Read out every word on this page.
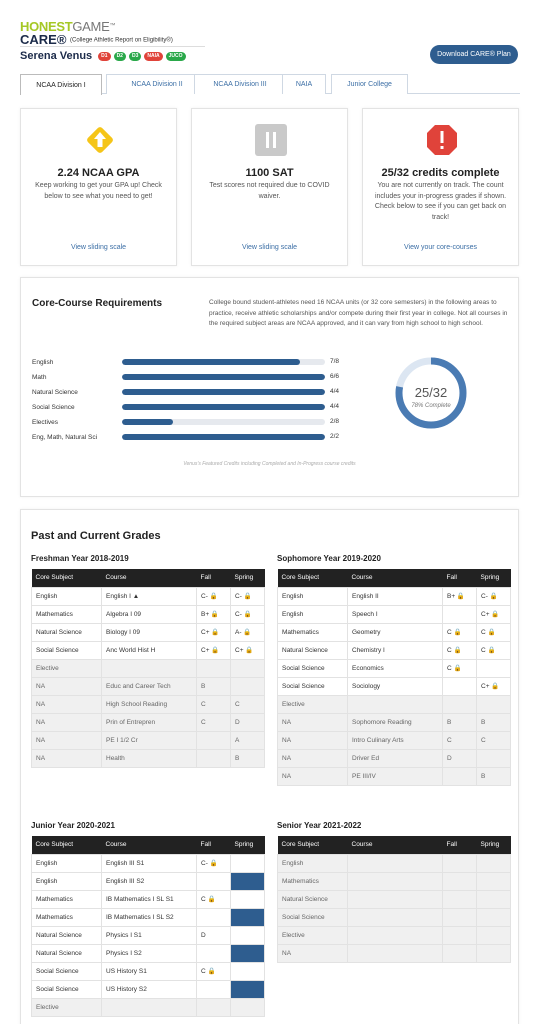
HONESTGAME™
CARE® (College Athletic Report on Eligibility®)
Serena Venus	D1	D2	D3	NAIA	JUCO	Download CARE® Plan
NCAA Division I	NCAA Division II	NCAA Division III	NAIA	Junior College
2.24 NCAA GPA
Keep working to get your GPA up! Check below to see what you need to get!
View sliding scale
1100 SAT
Test scores not required due to COVID waiver.
View sliding scale
25/32 credits complete
You are not currently on track. The count includes your in-progress grades if shown. Check below to see if you can get back on track!
View your core-courses
Core-Course Requirements	College bound student-athletes need 16 NCAA units (or 32 core semesters) in the following areas to practice, receive athletic scholarships and/or compete during their first year in college. Not all courses in the required subject areas are NCAA approved, and it can vary from high school to high school.
English	7/8
Math	6/6
Natural Science	4/4
Social Science	4/4
Electives	2/8
Eng, Math, Natural Sci	2/2
25/32
78% Complete
Venus's Featured Credits including Completed and In-Progress course credits
Past and Current Grades
Freshman Year 2018-2019
Core Subject	Course	Fall	Spring
English	English I ▲	C- 🔒	C- 🔒
Mathematics	Algebra I 09	B+ 🔒	C- 🔒
Natural Science	Biology I 09	C+ 🔒	A- 🔒
Social Science	Anc World Hist H	C+ 🔒	C+ 🔒
Elective			
NA	Educ and Career Tech	B	
NA	High School Reading	C	C
NA	Prin of Entrepren	C	D
NA	PE I 1/2 Cr		A
NA	Health		B
Sophomore Year 2019-2020
Core Subject	Course	Fall	Spring
English	English II	B+ 🔒	C- 🔒
English	Speech I		C+ 🔒
Mathematics	Geometry	C 🔒	C 🔒
Natural Science	Chemistry I	C 🔒	C 🔒
Social Science	Economics	C 🔒	
Social Science	Sociology		C+ 🔒
Elective			
NA	Sophomore Reading	B	B
NA	Intro Culinary Arts	C	C
NA	Driver Ed	D	
NA	PE III/IV		B
Junior Year 2020-2021
Core Subject	Course	Fall	Spring
English	English III S1	C- 🔒	
English	English III S2		
Mathematics	IB Mathematics I SL S1	C 🔒	
Mathematics	IB Mathematics I SL S2		
Natural Science	Physics I S1	D	
Natural Science	Physics I S2		
Social Science	US History S1	C 🔒	
Social Science	US History S2		
Elective			
Senior Year 2021-2022
Core Subject	Course	Fall	Spring
English			
Mathematics			
Natural Science			
Social Science			
Elective			
NA			
